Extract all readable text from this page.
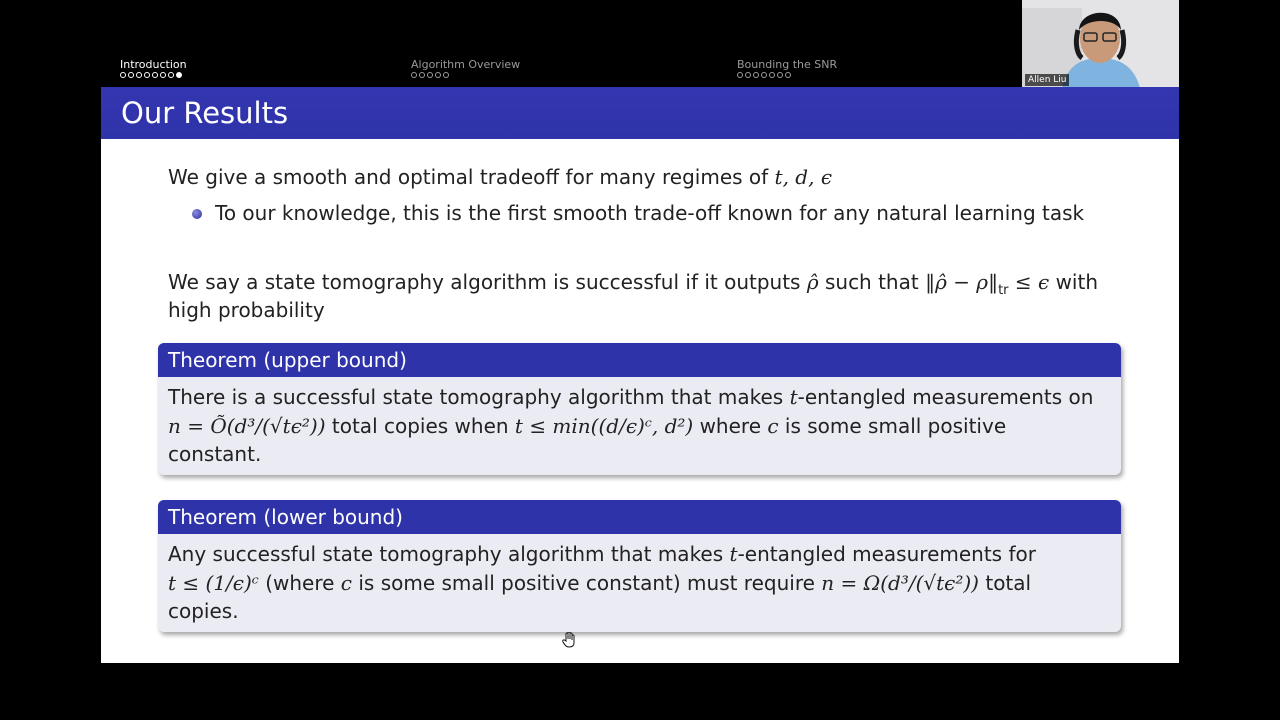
Introduction	Algorithm Overview	Bounding the SNR
Allen Liu
Our Results
We give a smooth and optimal tradeoff for many regimes of t, d, ϵ
To our knowledge, this is the first smooth trade-off known for any natural learning task
We say a state tomography algorithm is successful if it outputs ρ̂ such that ‖ρ̂ − $\rho‖_{tr} \le \epsilon$ with
high probability
Theorem (upper bound)
There is a successful state tomography algorithm that makes t-entangled measurements on
n = Õ(d³/(√tϵ²)) total copies when t ≤ min((d/ϵ)ᶜ, d²) where c is some small positive
constant.
Theorem (lower bound)
Any successful state tomography algorithm that makes t-entangled measurements for
t ≤ (1/ϵ)ᶜ (where c is some small positive constant) must require n = Ω(d³/(√tϵ²)) total
copies.
